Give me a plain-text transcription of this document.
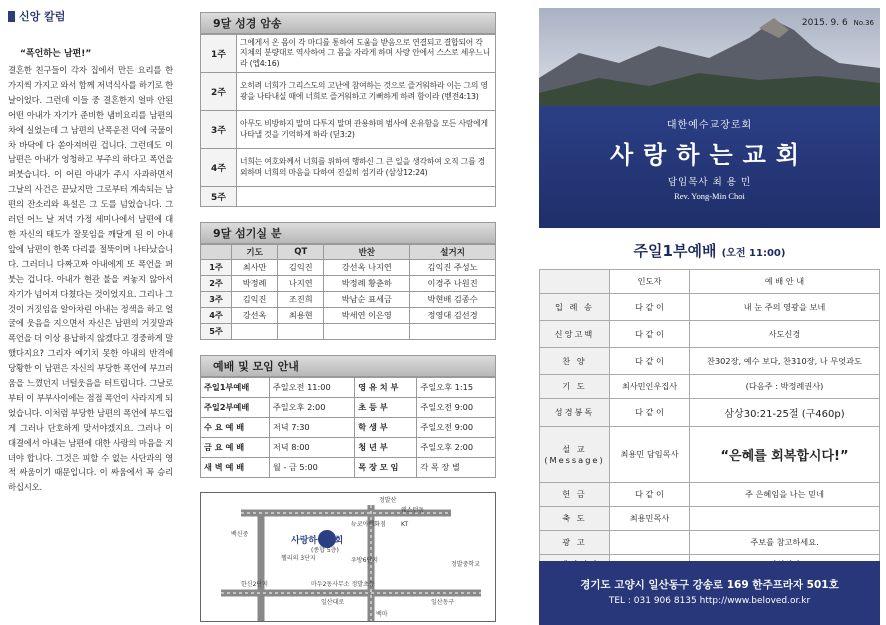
신앙 칼럼
“폭언하는 남편!”
결혼한 친구들이 각자 집에서 만든 요리를 한 가지씩 가지고 와서 함께 저녁식사를 하기로 한 날이었다. 그런데 이들 중 결혼한지 얼마 안된 어떤 아내가 자기가 준비한 냄비요리를 남편의 차에 실었는데 그 남편의 난폭운전 덕에 국물이 차 바닥에 다 쏟아져버린 겁니다. 그런데도 이 남편은 아내가 엉청하고 부주의 하다고 폭언을 퍼붓습니다. 이 어린 아내가 주시 사과하면서 그날의 사건은 끝났지만 그로부터 계속되는 남편의 잔소리와 욕설은 그 도를 넘었습니다. 그러던 어느 날 저녁 가정 세미나에서 남편에 대한 자신의 태도가 잘못임을 깨달게 된 이 아내 앞에 남편이 한쪽 다리를 절뚝이며 나타났습니다. 그러더니 다짜고짜 아내에게 또 폭언을 퍼붓는 겁니다. 아내가 현관 불을 켜놓지 않아서 자기가 넘어져 다쳤다는 것이었지요. 그리나 그것이 거짓임을 알아차린 아내는 정색을 하고 얼굴에 웃음을 지으면서 자신은 남편의 거짓말과 폭언을 더 이상 용납하지 않겠다고 경중하게 말했다지요? 그리자 예기치 못한 아내의 반격에 당황한 이 남편은 자신의 부당한 폭언에 부끄러움을 느꼈던지 너털웃음을 터트립니다. 그날로부터 이 부부사이에는 점점 폭언이 사라지게 되었습니다. 이처럼 부당한 남편의 폭언에 부드럽게 그러나 단호하게 맞서야겠지요. 그러나 이 대결에서 아내는 남편에 대한 사랑의 마음을 지녀야 합니다. 그것은 피할 수 없는 사단과의 영적 싸움이기 때문입니다. 이 싸움에서 꼭 승리하십시오.
9달 성경 암송
1주	그에게서 온 몸이 각 마디를 통하여 도움을 받음으로 연결되고 결합되어 각 지체의 분량대로 역사하여 그 몸을 자라게 하며 사랑 안에서 스스로 세우느니라 (엡4:16)
2주	오히려 너희가 그리스도의 고난에 참여하는 것으로 즐거워하라 이는 그의 영광을 나타내실 때에 너희로 즐거워하고 기뻐하게 하려 함이라 (벧전4:13)
3주	아무도 비방하지 말며 다투지 말며 관용하며 범사에 온유함을 모든 사람에게 나타낼 것을 기억하게 하라 (딛3:2)
4주	너희는 여호와께서 너희를 위하여 행하신 그 큰 일을 생각하여 오직 그를 경외하며 너희의 마음을 다하여 진실히 섬기라 (삼상12:24)
5주	
9달 섬기실 분
	기도	QT	반찬	설거지
1주	최사만	김익진	강선옥 나지연	김익진 주성노
2주	박정례	나지연	박정례 황춘하	이경주 나원진
3주	김익진	조진희	박남순 표세금	박현배 김종수
4주	강선옥	최용현	박세연 이은영	정영대 김선경
5주				
예배 및 모임 안내
주일1부예배	주일오전 11:00	영 유 치 부	주일오후 1:15
주일2부예배	주일오후 2:00	초 등 부	주일오전 9:00
수 요 예 배	저녁 7:30	학 생 부	주일오전 9:00
금 요 예 배	저녁 8:00	청 년 부	주일오후 2:00
새 벽 예 배	월 - 금 5:00	목 장 모 임	각 목 장 별
정발산
웨스턴돔
뉴코아백화점	KT
백신중
사랑하는교회
(종합 5층)
헬리의 3단지	우방6단지
한신2단지	마두2동사무소 정발초등
정발중학교
일산동구
일산대로
백마
2015. 9. 6 No.36
대한예수교장로회
사랑하는교회
담임목사 최 용 민
Rev. Yong-Min Choi
주일1부예배 (오전 11:00)
	인도자	예 배 안 내
입 례 송	다 같 이	내 눈 주의 영광을 보네
신앙고백	다 같 이	사도신경
찬 양	다 같 이	찬302장, 예수 보다, 찬310장, 나 무엇과도
기 도	최사민인우집사	(다음주 : 박정례권사)
성경봉독	다 같 이	삼상30:21-25절 (구460p)
설 교 (Message)	최용민 담임목사	“은혜를 회복합시다!”
헌 금	다 같 이	주 은혜임을 나는 믿네
축 도	최용민목사	
광 고		주보를 참고하세요.

경기도 고양시 일산동구 강송로 169 한주프라자 501호
TEL : 031 906 8135 http://www.beloved.or.kr
